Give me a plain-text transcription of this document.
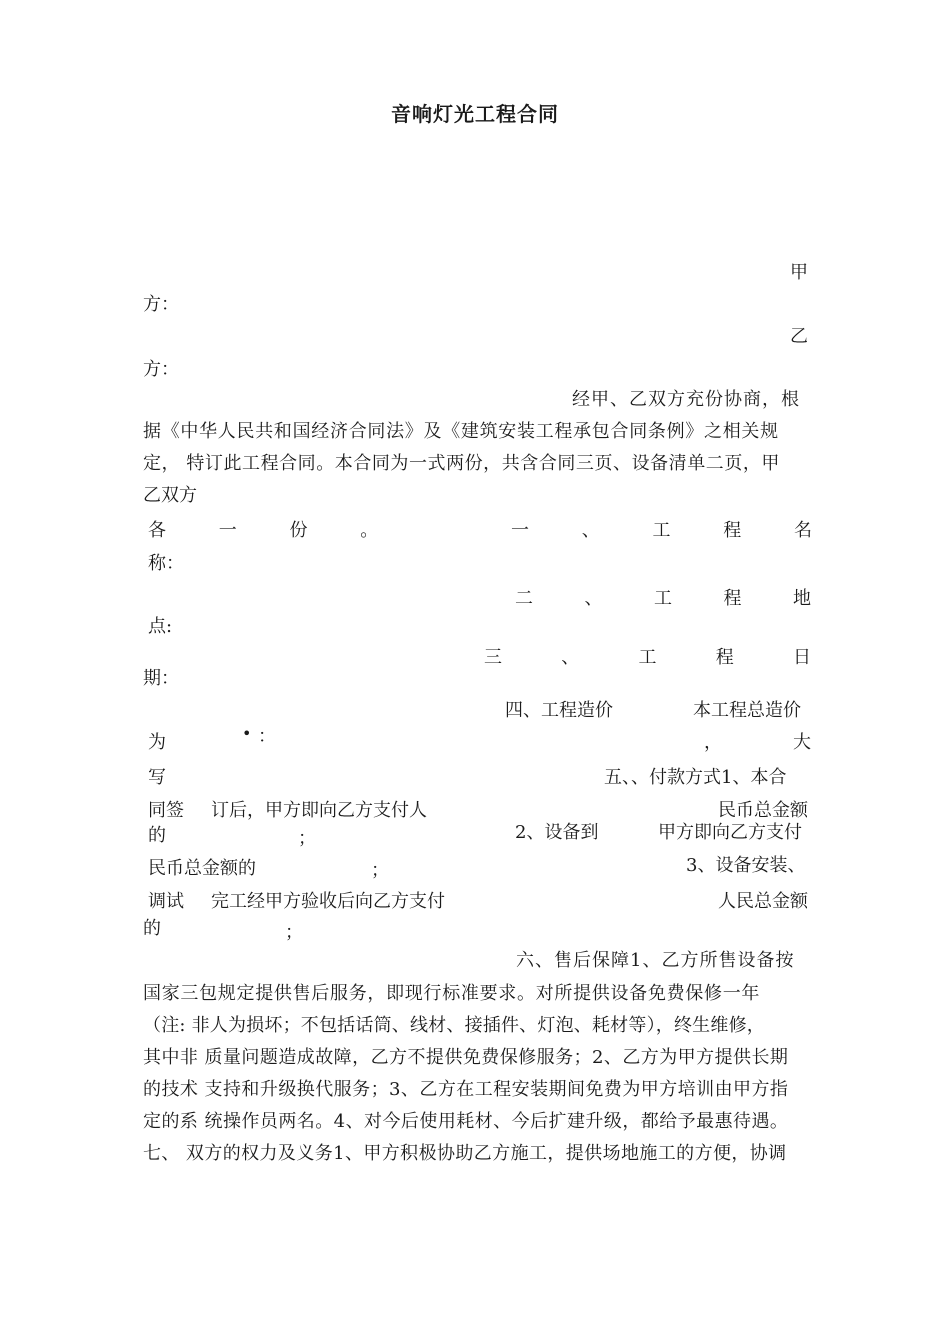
音响灯光工程合同
甲
方：
乙
方：
经甲、乙双方充份协商，根
据《中华人民共和国经济合同法》及《建筑安装工程承包合同条例》之相关规
定， 特订此工程合同。本合同为一式两份，共含合同三页、设备清单二页，甲
乙双方
各	一	份	。	一	、	工	程	名
称：
二	、	工	程	地
点:
三	、	工	程	日
期：
四、工程造价	本工程总造价
为	• ：	，	大
写	五、、付款方式1、本合
同签 订后，甲方即向乙方支付人	民币总金额
的	；	2、设备到	甲方即向乙方支付
民币总金额的	；	3、设备安装、
调试 完工经甲方验收后向乙方支付	人民总金额
的	；
六、售后保障1、乙方所售设备按
国家三包规定提供售后服务，即现行标准要求。对所提供设备免费保修一年
（注: 非人为损坏；不包括话筒、线材、接插件、灯泡、耗材等），终生维修，
其中非 质量问题造成故障，乙方不提供免费保修服务；2、乙方为甲方提供长期
的技术 支持和升级换代服务；3、乙方在工程安装期间免费为甲方培训由甲方指
定的系 统操作员两名。4、对今后使用耗材、今后扩建升级，都给予最惠待遇。
七、 双方的权力及义务1、甲方积极协助乙方施工，提供场地施工的方便，协调
